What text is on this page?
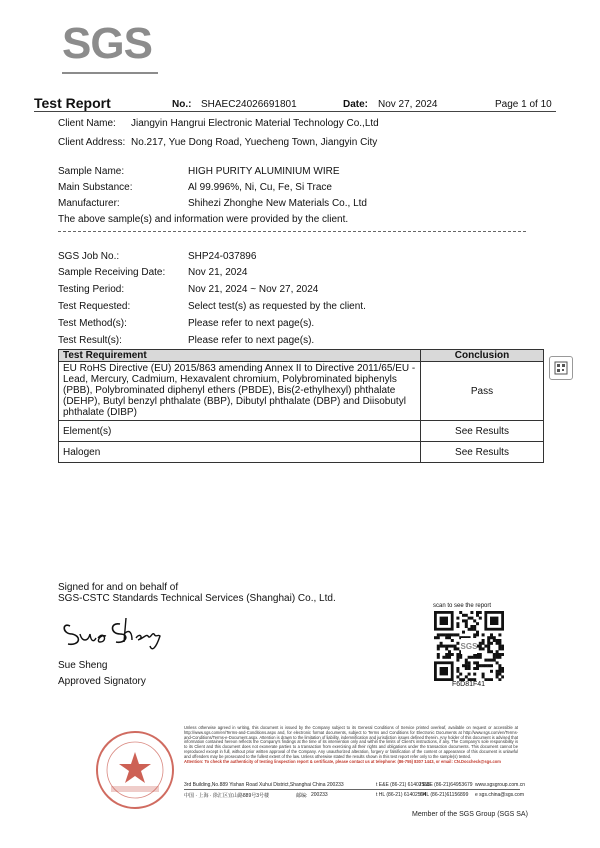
SGS
Test Report	No.: SHAEC24026691801	Date: Nov 27, 2024	Page 1 of 10
Client Name: Jiangyin Hangrui Electronic Material Technology Co.,Ltd
Client Address: No.217, Yue Dong Road, Yuecheng Town, Jiangyin City
Sample Name:	HIGH PURITY ALUMINIUM WIRE
Main Substance:	Al 99.996%, Ni, Cu, Fe, Si Trace
Manufacturer:	Shihezi Zhonghe New Materials Co., Ltd
The above sample(s) and information were provided by the client.
SGS Job No.:	SHP24-037896
Sample Receiving Date: Nov 21, 2024
Testing Period:	Nov 21, 2024 ~ Nov 27, 2024
Test Requested:	Select test(s) as requested by the client.
Test Method(s):	Please refer to next page(s).
Test Result(s):	Please refer to next page(s).
Test Requirement	Conclusion
EU RoHS Directive (EU) 2015/863 amending Annex II to Directive 2011/65/EU - Lead, Mercury, Cadmium, Hexavalent chromium, Polybrominated biphenyls (PBB), Polybrominated diphenyl ethers (PBDE), Bis(2-ethylhexyl) phthalate (DEHP), Butyl benzyl phthalate (BBP), Dibutyl phthalate (DBP) and Diisobutyl phthalate (DIBP)	Pass
Element(s)	See Results
Halogen	See Results
Signed for and on behalf of
SGS-CSTC Standards Technical Services (Shanghai) Co., Ltd.
Sue Sheng
Approved Signatory
scan to see the report
SGS
F6D81F41
Unless otherwise agreed in writing, this document is issued by the Company subject to its General Conditions of Service printed overleaf, available on request or accessible at http://www.sgs.com/en/Terms-and-Conditions.aspx and, for electronic format documents, subject to Terms and Conditions for Electronic Documents at http://www.sgs.com/en/Terms-and-Conditions/Terms-e-Document.aspx. Attention is drawn to the limitation of liability, indemnification and jurisdiction issues defined therein. Any holder of this document is advised that information contained hereon reflects the Company's findings at the time of its intervention only and within the limits of Client's instructions, if any. The Company's sole responsibility is to its Client and this document does not exonerate parties to a transaction from exercising all their rights and obligations under the transaction documents. This document cannot be reproduced except in full, without prior written approval of the Company. Any unauthorized alteration, forgery or falsification of the content or appearance of this document is unlawful and offenders may be prosecuted to the fullest extent of the law. Unless otherwise stated the results shown in this test report refer only to the sample(s) tested.
Attention: To check the authenticity of testing /inspection report & certificate, please contact us at telephone: (86-755) 8307 1443, or email: CN.Doccheck@sgs.com
3rd Building,No.889 Yishan Road Xuhui District,Shanghai China 200233
中国 · 上海 · 徐汇区宜山路889号3号楼	邮编: 200233
t E&E (86-21) 61402553
f E&E (86-21)64953679
t HL (86-21) 61402594
f HL (86-21)61156899
www.sgsgroup.com.cn
e sgs.china@sgs.com
Member of the SGS Group (SGS SA)
